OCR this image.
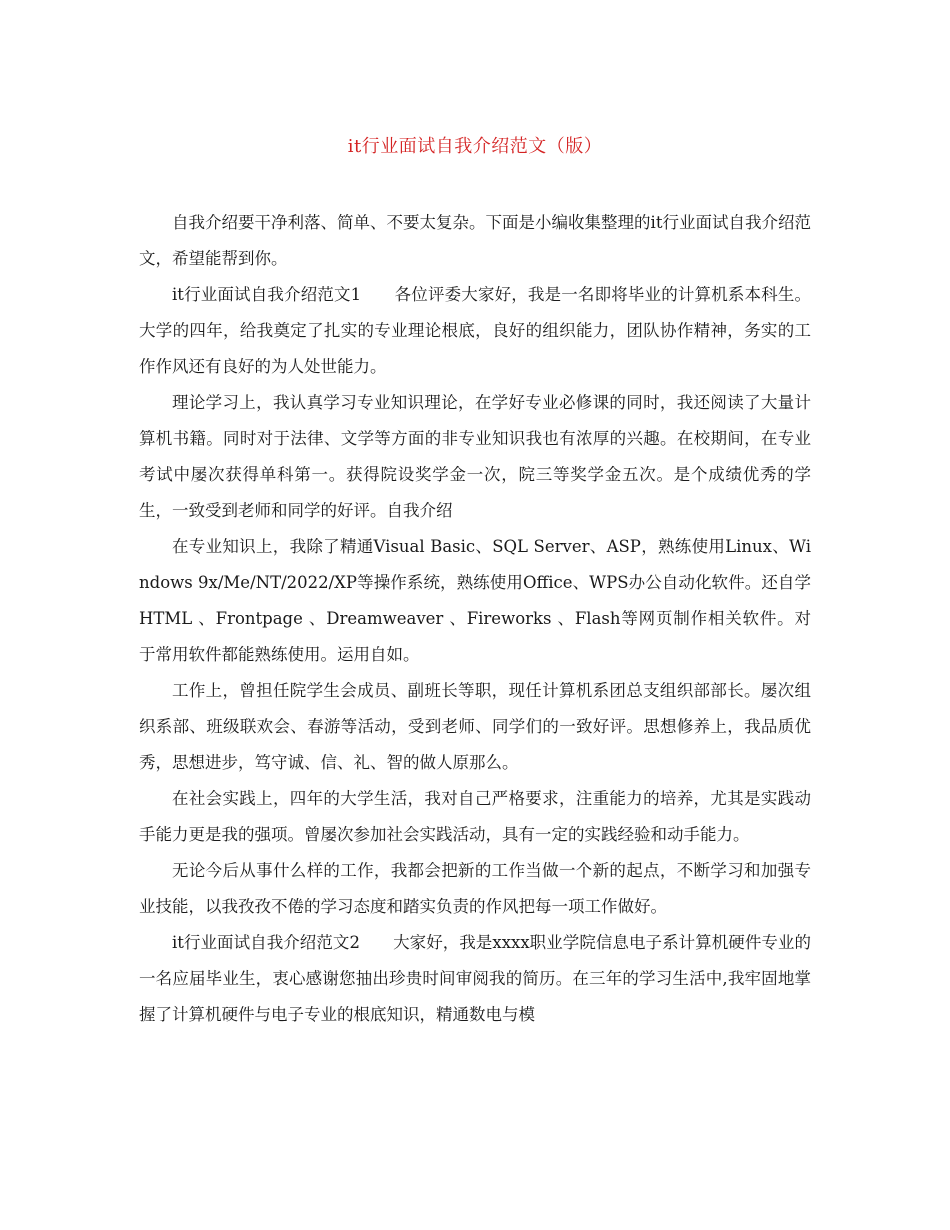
it行业面试自我介绍范文（版）

自我介绍要干净利落、简单、不要太复杂。下面是小编收集整理的it行业面试自我介绍范文，希望能帮到你。

it行业面试自我介绍范文1　　各位评委大家好，我是一名即将毕业的计算机系本科生。大学的四年，给我奠定了扎实的专业理论根底，良好的组织能力，团队协作精神，务实的工作作风还有良好的为人处世能力。

理论学习上，我认真学习专业知识理论，在学好专业必修课的同时，我还阅读了大量计算机书籍。同时对于法律、文学等方面的非专业知识我也有浓厚的兴趣。在校期间，在专业考试中屡次获得单科第一。获得院设奖学金一次，院三等奖学金五次。是个成绩优秀的学生，一致受到老师和同学的好评。自我介绍

在专业知识上，我除了精通Visual Basic、SQL Server、ASP，熟练使用Linux、Windows 9x/Me/NT/2022/XP等操作系统，熟练使用Office、WPS办公自动化软件。还自学HTML 、Frontpage 、Dreamweaver 、Fireworks 、Flash等网页制作相关软件。对于常用软件都能熟练使用。运用自如。

工作上，曾担任院学生会成员、副班长等职，现任计算机系团总支组织部部长。屡次组织系部、班级联欢会、春游等活动，受到老师、同学们的一致好评。思想修养上，我品质优秀，思想进步，笃守诚、信、礼、智的做人原那么。

在社会实践上，四年的大学生活，我对自己严格要求，注重能力的培养，尤其是实践动手能力更是我的强项。曾屡次参加社会实践活动，具有一定的实践经验和动手能力。

无论今后从事什么样的工作，我都会把新的工作当做一个新的起点，不断学习和加强专业技能，以我孜孜不倦的学习态度和踏实负责的作风把每一项工作做好。

it行业面试自我介绍范文2　　大家好，我是xxxx职业学院信息电子系计算机硬件专业的一名应届毕业生，衷心感谢您抽出珍贵时间审阅我的简历。在三年的学习生活中,我牢固地掌握了计算机硬件与电子专业的根底知识，精通数电与模
